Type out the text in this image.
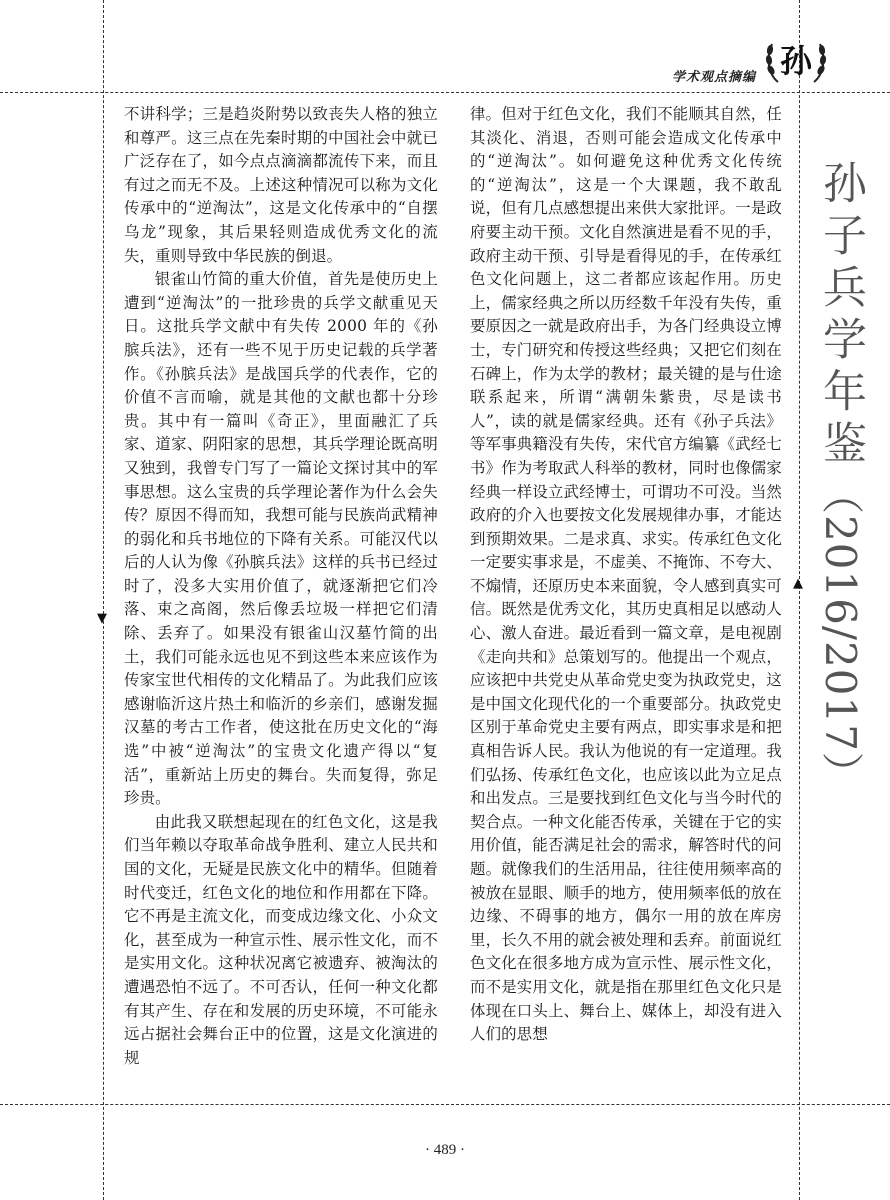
▼
▲
学术观点摘编 孙
孙子兵学年鉴（2016/2017）

不讲科学；三是趋炎附势以致丧失人格的独立和尊严。这三点在先秦时期的中国社会中就已广泛存在了，如今点点滴滴都流传下来，而且有过之而无不及。上述这种情况可以称为文化传承中的“逆淘汰”，这是文化传承中的“自摆乌龙”现象，其后果轻则造成优秀文化的流失，重则导致中华民族的倒退。

银雀山竹简的重大价值，首先是使历史上遭到“逆淘汰”的一批珍贵的兵学文献重见天日。这批兵学文献中有失传 2000 年的《孙膑兵法》，还有一些不见于历史记载的兵学著作。《孙膑兵法》是战国兵学的代表作，它的价值不言而喻，就是其他的文献也都十分珍贵。其中有一篇叫《奇正》，里面融汇了兵家、道家、阴阳家的思想，其兵学理论既高明又独到，我曾专门写了一篇论文探讨其中的军事思想。这么宝贵的兵学理论著作为什么会失传？原因不得而知，我想可能与民族尚武精神的弱化和兵书地位的下降有关系。可能汉代以后的人认为像《孙膑兵法》这样的兵书已经过时了，没多大实用价值了，就逐渐把它们冷落、束之高阁，然后像丢垃圾一样把它们清除、丢弃了。如果没有银雀山汉墓竹简的出土，我们可能永远也见不到这些本来应该作为传家宝世代相传的文化精品了。为此我们应该感谢临沂这片热土和临沂的乡亲们，感谢发掘汉墓的考古工作者，使这批在历史文化的“海选”中被“逆淘汰”的宝贵文化遗产得以“复活”，重新站上历史的舞台。失而复得，弥足珍贵。

由此我又联想起现在的红色文化，这是我们当年赖以夺取革命战争胜利、建立人民共和国的文化，无疑是民族文化中的精华。但随着时代变迁，红色文化的地位和作用都在下降。它不再是主流文化，而变成边缘文化、小众文化，甚至成为一种宣示性、展示性文化，而不是实用文化。这种状况离它被遗弃、被淘汰的遭遇恐怕不远了。不可否认，任何一种文化都有其产生、存在和发展的历史环境，不可能永远占据社会舞台正中的位置，这是文化演进的规

律。但对于红色文化，我们不能顺其自然，任其淡化、消退，否则可能会造成文化传承中的“逆淘汰”。如何避免这种优秀文化传统的“逆淘汰”，这是一个大课题，我不敢乱说，但有几点感想提出来供大家批评。一是政府要主动干预。文化自然演进是看不见的手，政府主动干预、引导是看得见的手，在传承红色文化问题上，这二者都应该起作用。历史上，儒家经典之所以历经数千年没有失传，重要原因之一就是政府出手，为各门经典设立博士，专门研究和传授这些经典；又把它们刻在石碑上，作为太学的教材；最关键的是与仕途联系起来，所谓“满朝朱紫贵，尽是读书人”，读的就是儒家经典。还有《孙子兵法》等军事典籍没有失传，宋代官方编纂《武经七书》作为考取武人科举的教材，同时也像儒家经典一样设立武经博士，可谓功不可没。当然政府的介入也要按文化发展规律办事，才能达到预期效果。二是求真、求实。传承红色文化一定要实事求是，不虚美、不掩饰、不夸大、不煽情，还原历史本来面貌，令人感到真实可信。既然是优秀文化，其历史真相足以感动人心、激人奋进。最近看到一篇文章，是电视剧《走向共和》总策划写的。他提出一个观点，应该把中共党史从革命党史变为执政党史，这是中国文化现代化的一个重要部分。执政党史区别于革命党史主要有两点，即实事求是和把真相告诉人民。我认为他说的有一定道理。我们弘扬、传承红色文化，也应该以此为立足点和出发点。三是要找到红色文化与当今时代的契合点。一种文化能否传承，关键在于它的实用价值，能否满足社会的需求，解答时代的问题。就像我们的生活用品，往往使用频率高的被放在显眼、顺手的地方，使用频率低的放在边缘、不碍事的地方，偶尔一用的放在库房里，长久不用的就会被处理和丢弃。前面说红色文化在很多地方成为宣示性、展示性文化，而不是实用文化，就是指在那里红色文化只是体现在口头上、舞台上、媒体上，却没有进入人们的思想

· 489 ·
